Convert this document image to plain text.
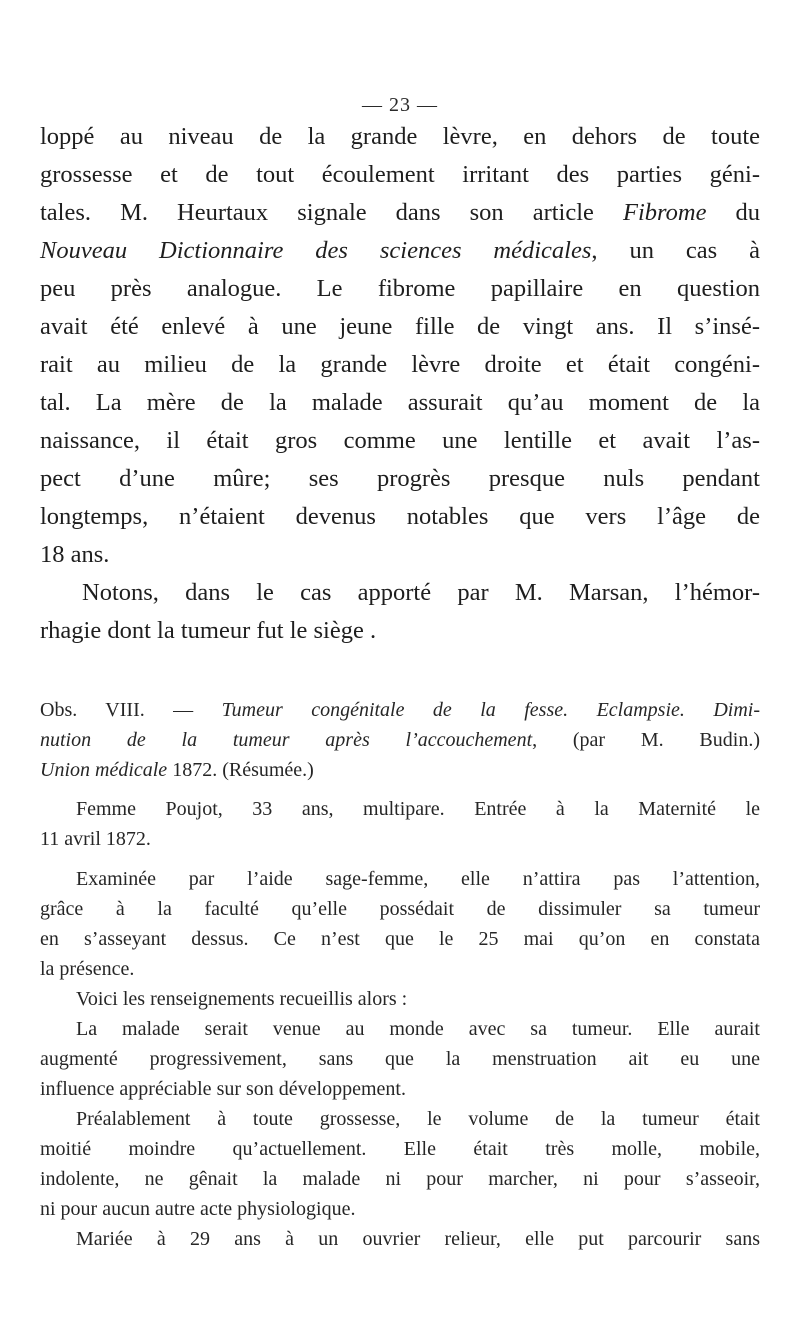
— 23 —

loppé au niveau de la grande lèvre, en dehors de toute

grossesse et de tout écoulement irritant des parties géni-

tales. M. Heurtaux signale dans son article Fibrome du

Nouveau Dictionnaire des sciences médicales, un cas à

peu près analogue. Le fibrome papillaire en question

avait été enlevé à une jeune fille de vingt ans. Il s’insé-

rait au milieu de la grande lèvre droite et était congéni-

tal. La mère de la malade assurait qu’au moment de la

naissance, il était gros comme une lentille et avait l’as-

pect d’une mûre; ses progrès presque nuls pendant

longtemps, n’étaient devenus notables que vers l’âge de

18 ans.

Notons, dans le cas apporté par M. Marsan, l’hémor-

rhagie dont la tumeur fut le siège .

Obs. VIII. — Tumeur congénitale de la fesse. Eclampsie. Dimi-

nution de la tumeur après l’accouchement, (par M. Budin.)

Union médicale 1872. (Résumée.)

Femme Poujot, 33 ans, multipare. Entrée à la Maternité le

11 avril 1872.

Examinée par l’aide sage-femme, elle n’attira pas l’attention,

grâce à la faculté qu’elle possédait de dissimuler sa tumeur

en s’asseyant dessus. Ce n’est que le 25 mai qu’on en constata

la présence.

Voici les renseignements recueillis alors :

La malade serait venue au monde avec sa tumeur. Elle aurait

augmenté progressivement, sans que la menstruation ait eu une

influence appréciable sur son développement.

Préalablement à toute grossesse, le volume de la tumeur était

moitié moindre qu’actuellement. Elle était très molle, mobile,

indolente, ne gênait la malade ni pour marcher, ni pour s’asseoir,

ni pour aucun autre acte physiologique.

Mariée à 29 ans à un ouvrier relieur, elle put parcourir sans
